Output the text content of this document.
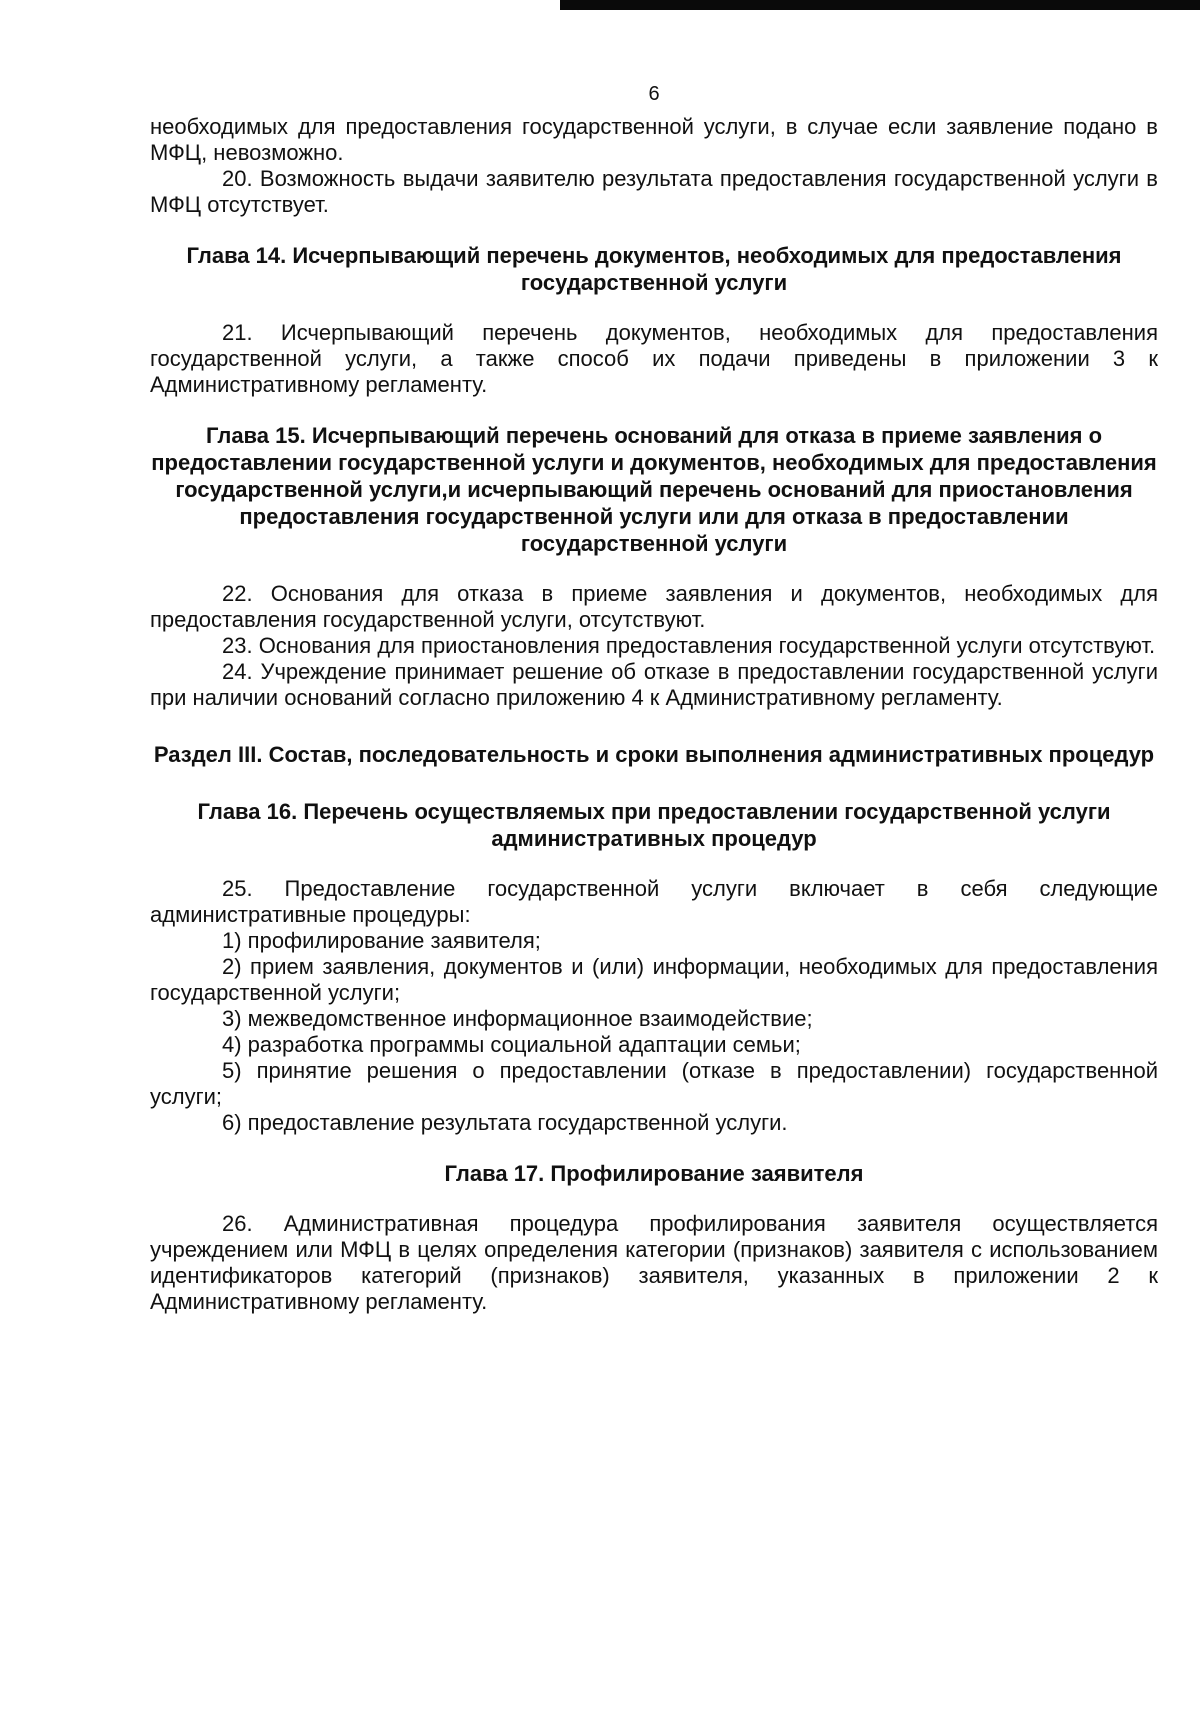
6

необходимых для предоставления государственной услуги, в случае если заявление подано в МФЦ, невозможно.

20. Возможность выдачи заявителю результата предоставления государственной услуги в МФЦ отсутствует.

Глава 14. Исчерпывающий перечень документов, необходимых для предоставления государственной услуги

21. Исчерпывающий перечень документов, необходимых для предоставления государственной услуги, а также способ их подачи приведены в приложении 3 к Административному регламенту.

Глава 15. Исчерпывающий перечень оснований для отказа в приеме заявления о предоставлении государственной услуги и документов, необходимых для предоставления государственной услуги,и исчерпывающий перечень оснований для приостановления предоставления государственной услуги или для отказа в предоставлении государственной услуги

22. Основания для отказа в приеме заявления и документов, необходимых для предоставления государственной услуги, отсутствуют.

23. Основания для приостановления предоставления государственной услуги отсутствуют.

24. Учреждение принимает решение об отказе в предоставлении государственной услуги при наличии оснований согласно приложению 4 к Административному регламенту.

Раздел III. Состав, последовательность и сроки выполнения административных процедур
Глава 16. Перечень осуществляемых при предоставлении государственной услуги административных процедур

25. Предоставление государственной услуги включает в себя следующие административные процедуры:

1) профилирование заявителя;

2) прием заявления, документов и (или) информации, необходимых для предоставления государственной услуги;

3) межведомственное информационное взаимодействие;

4) разработка программы социальной адаптации семьи;

5) принятие решения о предоставлении (отказе в предоставлении) государственной услуги;

6) предоставление результата государственной услуги.

Глава 17. Профилирование заявителя

26. Административная процедура профилирования заявителя осуществляется учреждением или МФЦ в целях определения категории (признаков) заявителя с использованием идентификаторов категорий (признаков) заявителя, указанных в приложении 2 к Административному регламенту.
